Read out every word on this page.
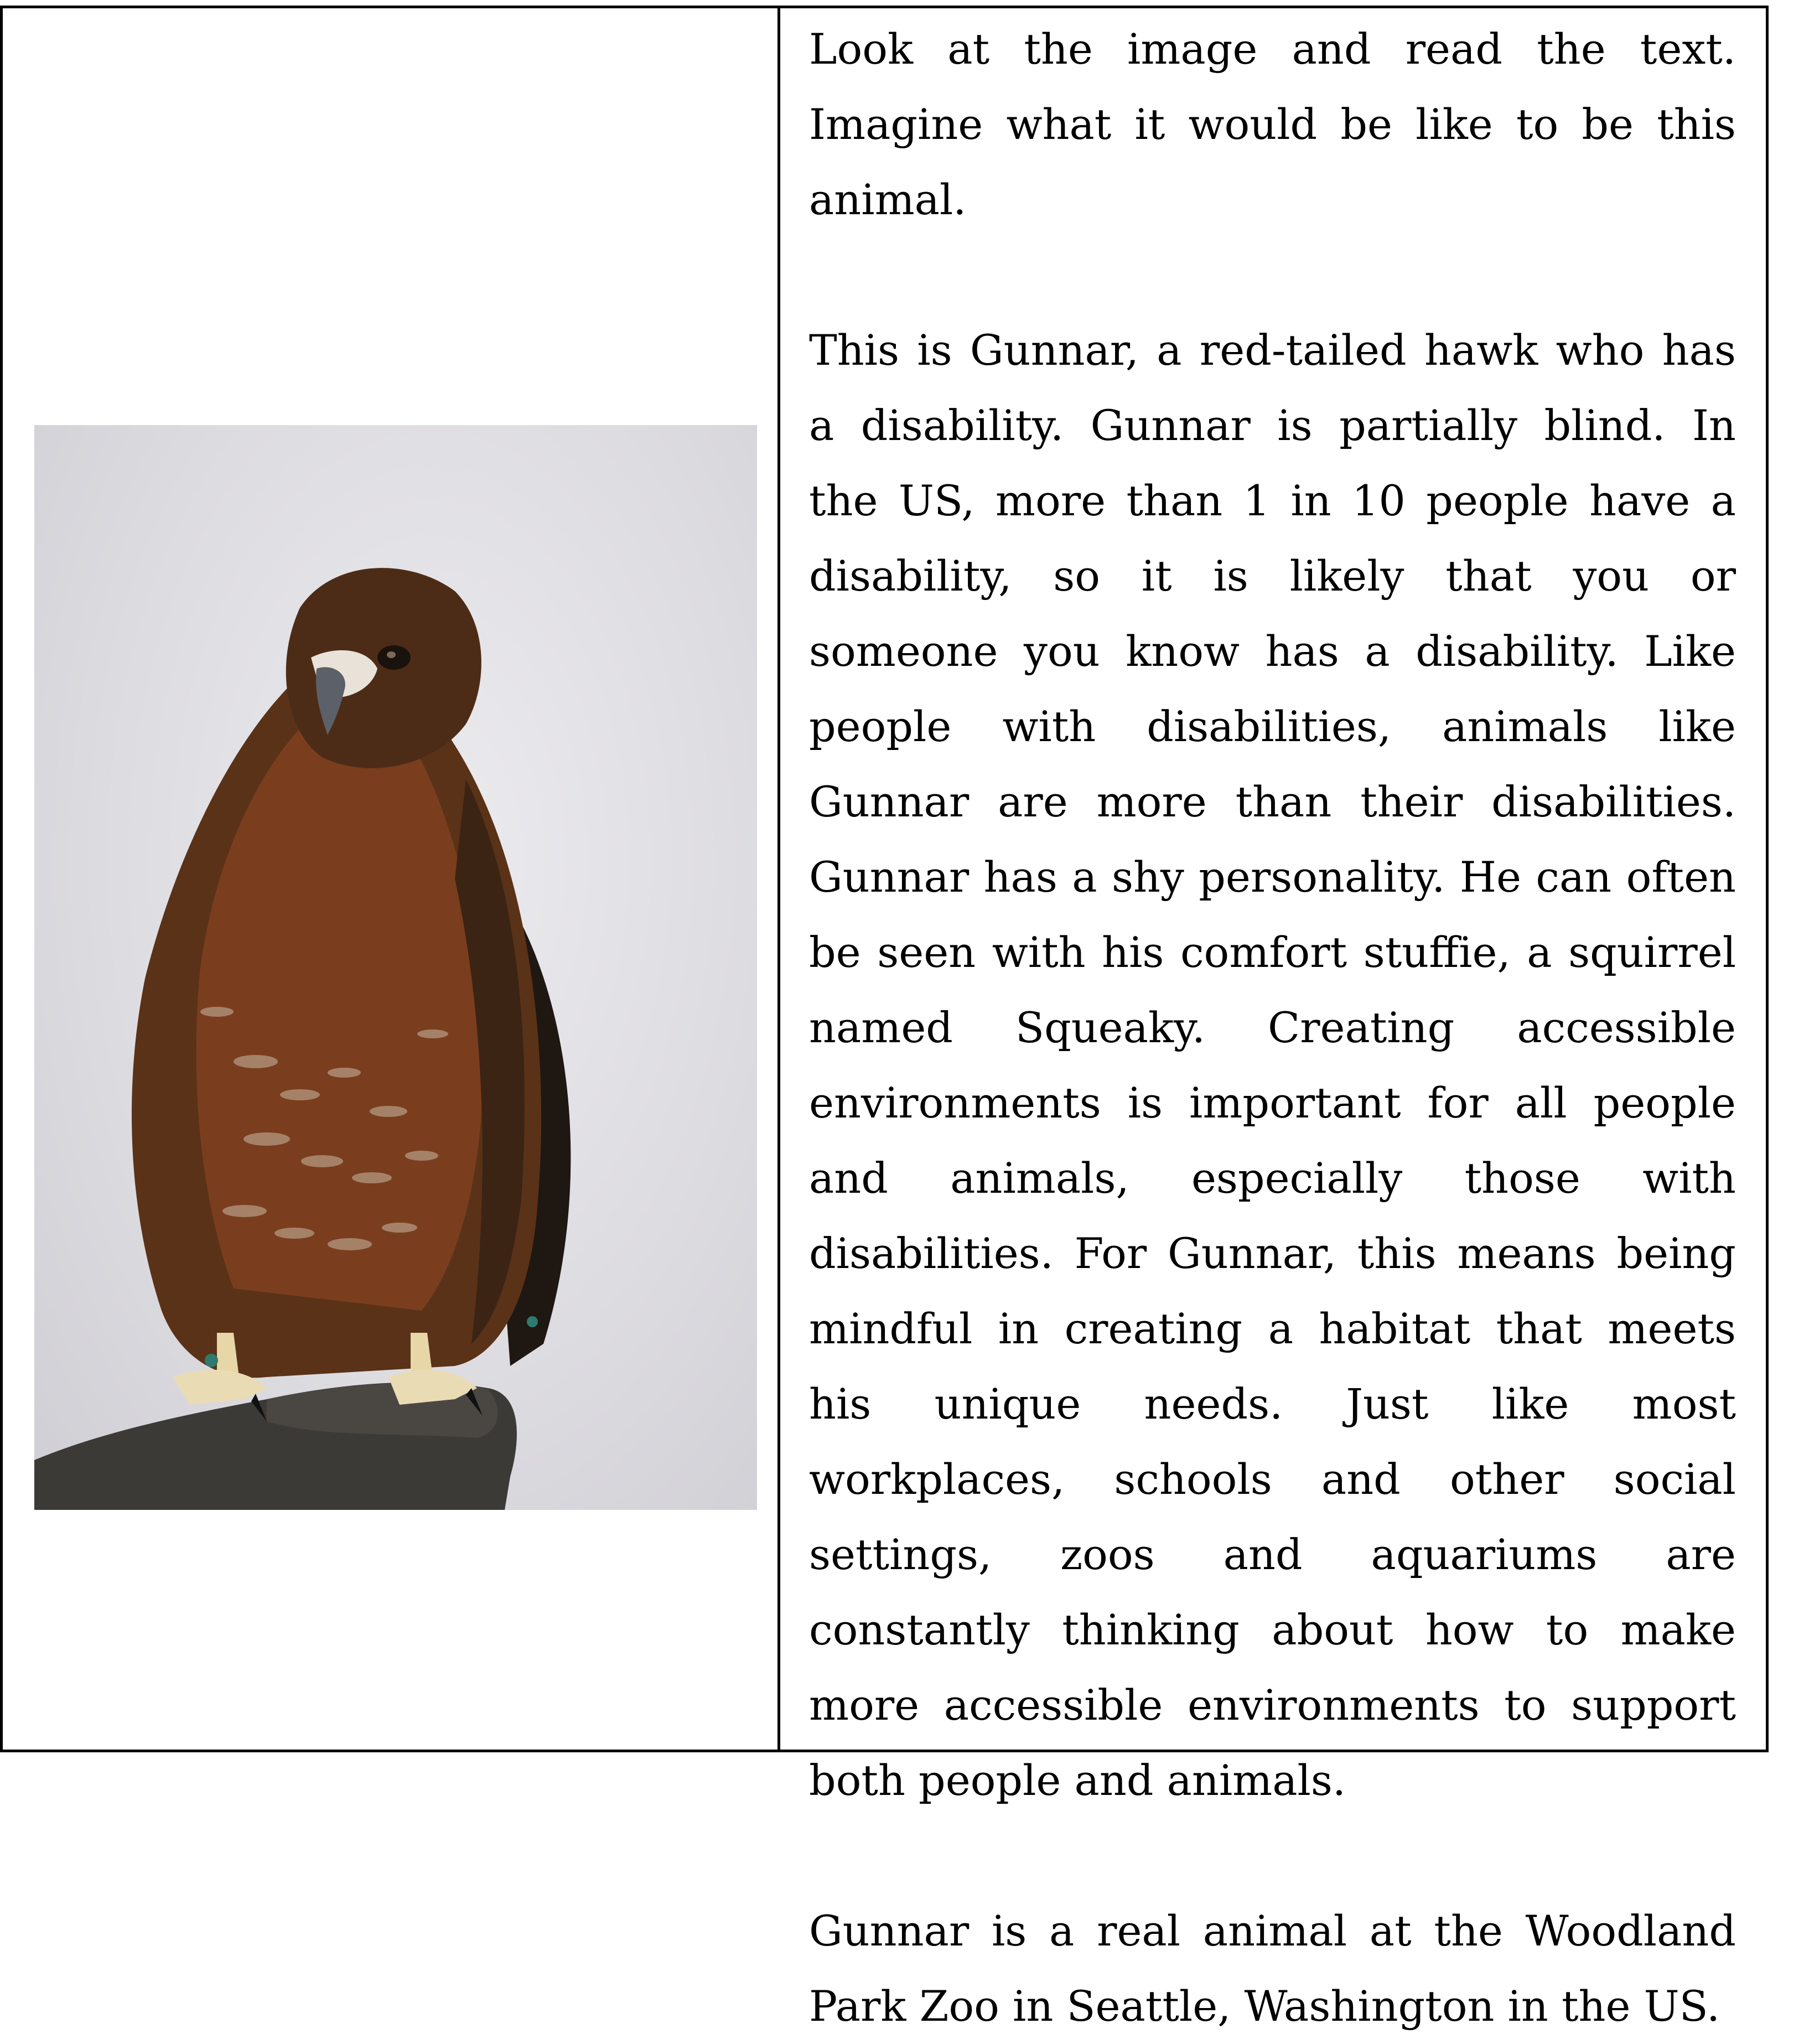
Look at the image and read the text. Imagine what it would be like to be this animal.

This is Gunnar, a red-tailed hawk who has a disability. Gunnar is partially blind. In the US, more than 1 in 10 people have a disability, so it is likely that you or someone you know has a disability. Like people with disabilities, animals like Gunnar are more than their disabilities. Gunnar has a shy personality. He can often be seen with his comfort stuffie, a squirrel named Squeaky. Creating accessible environments is important for all people and animals, especially those with disabilities. For Gunnar, this means being mindful in creating a habitat that meets his unique needs. Just like most workplaces, schools and other social settings, zoos and aquariums are constantly thinking about how to make more accessible environments to support both people and animals.

Gunnar is a real animal at the Woodland Park Zoo in Seattle, Washington in the US.
